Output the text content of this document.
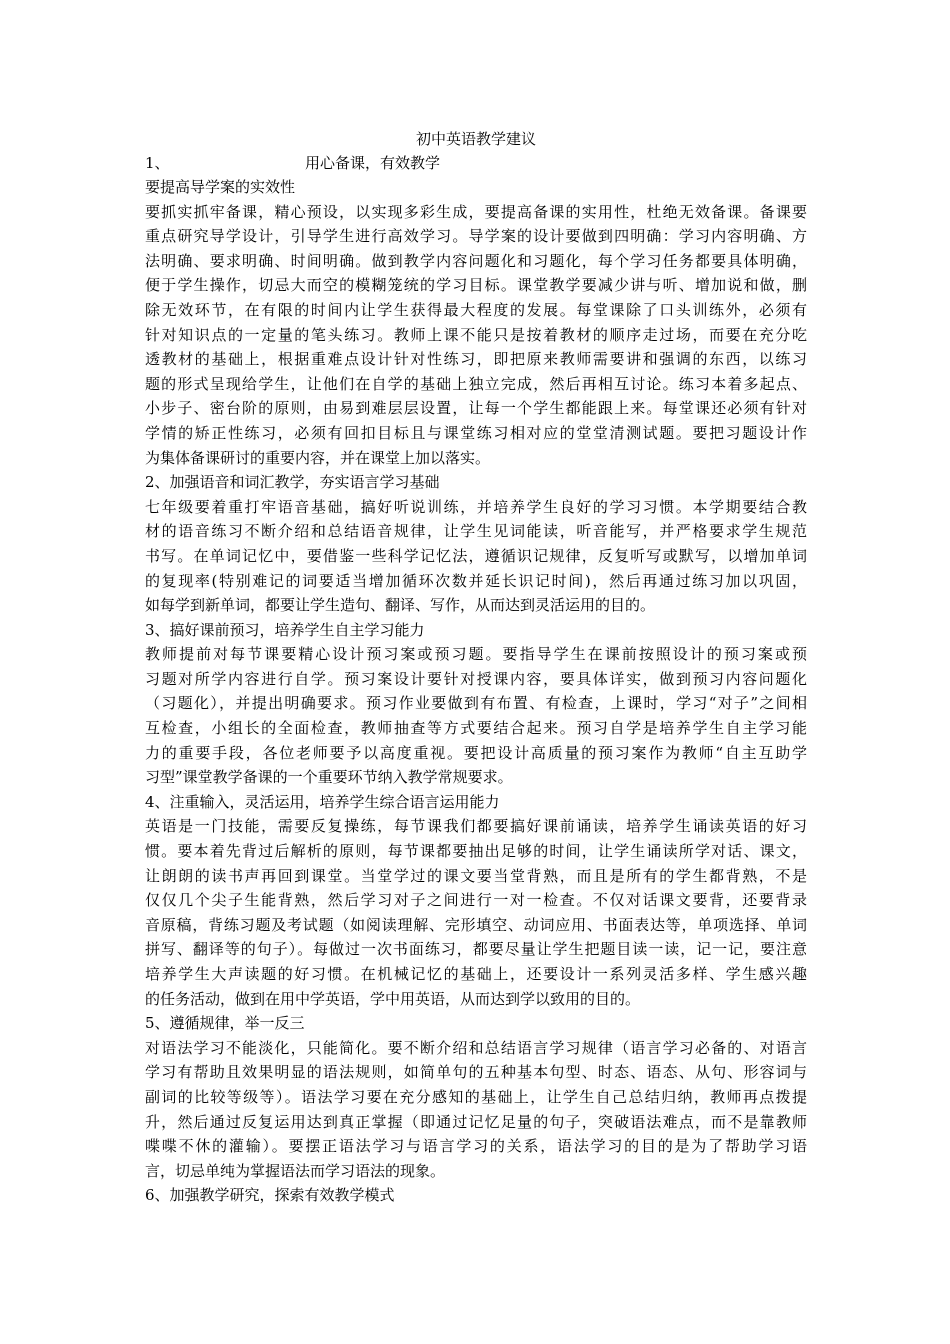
初中英语教学建议

1、	用心备课，有效教学

要提高导学案的实效性

要抓实抓牢备课，精心预设，以实现多彩生成，要提高备课的实用性，杜绝无效备课。备课要
重点研究导学设计，引导学生进行高效学习。导学案的设计要做到四明确：学习内容明确、方
法明确、要求明确、时间明确。做到教学内容问题化和习题化，每个学习任务都要具体明确，
便于学生操作，切忌大而空的模糊笼统的学习目标。课堂教学要减少讲与听、增加说和做，删
除无效环节，在有限的时间内让学生获得最大程度的发展。每堂课除了口头训练外，必须有
针对知识点的一定量的笔头练习。教师上课不能只是按着教材的顺序走过场，而要在充分吃
透教材的基础上，根据重难点设计针对性练习，即把原来教师需要讲和强调的东西，以练习
题的形式呈现给学生，让他们在自学的基础上独立完成，然后再相互讨论。练习本着多起点、
小步子、密台阶的原则，由易到难层层设置，让每一个学生都能跟上来。每堂课还必须有针对
学情的矫正性练习，必须有回扣目标且与课堂练习相对应的堂堂清测试题。要把习题设计作
为集体备课研讨的重要内容，并在课堂上加以落实。

2、加强语音和词汇教学，夯实语言学习基础

七年级要着重打牢语音基础，搞好听说训练，并培养学生良好的学习习惯。本学期要结合教
材的语音练习不断介绍和总结语音规律，让学生见词能读，听音能写，并严格要求学生规范
书写。在单词记忆中，要借鉴一些科学记忆法，遵循识记规律，反复听写或默写，以增加单词
的复现率(特别难记的词要适当增加循环次数并延长识记时间)，然后再通过练习加以巩固，
如每学到新单词，都要让学生造句、翻译、写作，从而达到灵活运用的目的。

3、搞好课前预习，培养学生自主学习能力

教师提前对每节课要精心设计预习案或预习题。要指导学生在课前按照设计的预习案或预
习题对所学内容进行自学。预习案设计要针对授课内容，要具体详实，做到预习内容问题化
（习题化），并提出明确要求。预习作业要做到有布置、有检查，上课时，学习“对子”之间相
互检查，小组长的全面检查，教师抽查等方式要结合起来。预习自学是培养学生自主学习能
力的重要手段，各位老师要予以高度重视。要把设计高质量的预习案作为教师“自主互助学
习型”课堂教学备课的一个重要环节纳入教学常规要求。

4、注重输入，灵活运用，培养学生综合语言运用能力

英语是一门技能，需要反复操练，每节课我们都要搞好课前诵读，培养学生诵读英语的好习
惯。要本着先背过后解析的原则，每节课都要抽出足够的时间，让学生诵读所学对话、课文，
让朗朗的读书声再回到课堂。当堂学过的课文要当堂背熟，而且是所有的学生都背熟，不是
仅仅几个尖子生能背熟，然后学习对子之间进行一对一检查。不仅对话课文要背，还要背录
音原稿，背练习题及考试题（如阅读理解、完形填空、动词应用、书面表达等，单项选择、单词
拼写、翻译等的句子）。每做过一次书面练习，都要尽量让学生把题目读一读，记一记，要注意
培养学生大声读题的好习惯。在机械记忆的基础上，还要设计一系列灵活多样、学生感兴趣
的任务活动，做到在用中学英语，学中用英语，从而达到学以致用的目的。

5、遵循规律，举一反三

对语法学习不能淡化，只能简化。要不断介绍和总结语言学习规律（语言学习必备的、对语言
学习有帮助且效果明显的语法规则，如简单句的五种基本句型、时态、语态、从句、形容词与
副词的比较等级等）。语法学习要在充分感知的基础上，让学生自己总结归纳，教师再点拨提
升，然后通过反复运用达到真正掌握（即通过记忆足量的句子，突破语法难点，而不是靠教师
喋喋不休的灌输）。要摆正语法学习与语言学习的关系，语法学习的目的是为了帮助学习语
言，切忌单纯为掌握语法而学习语法的现象。

6、加强教学研究，探索有效教学模式
